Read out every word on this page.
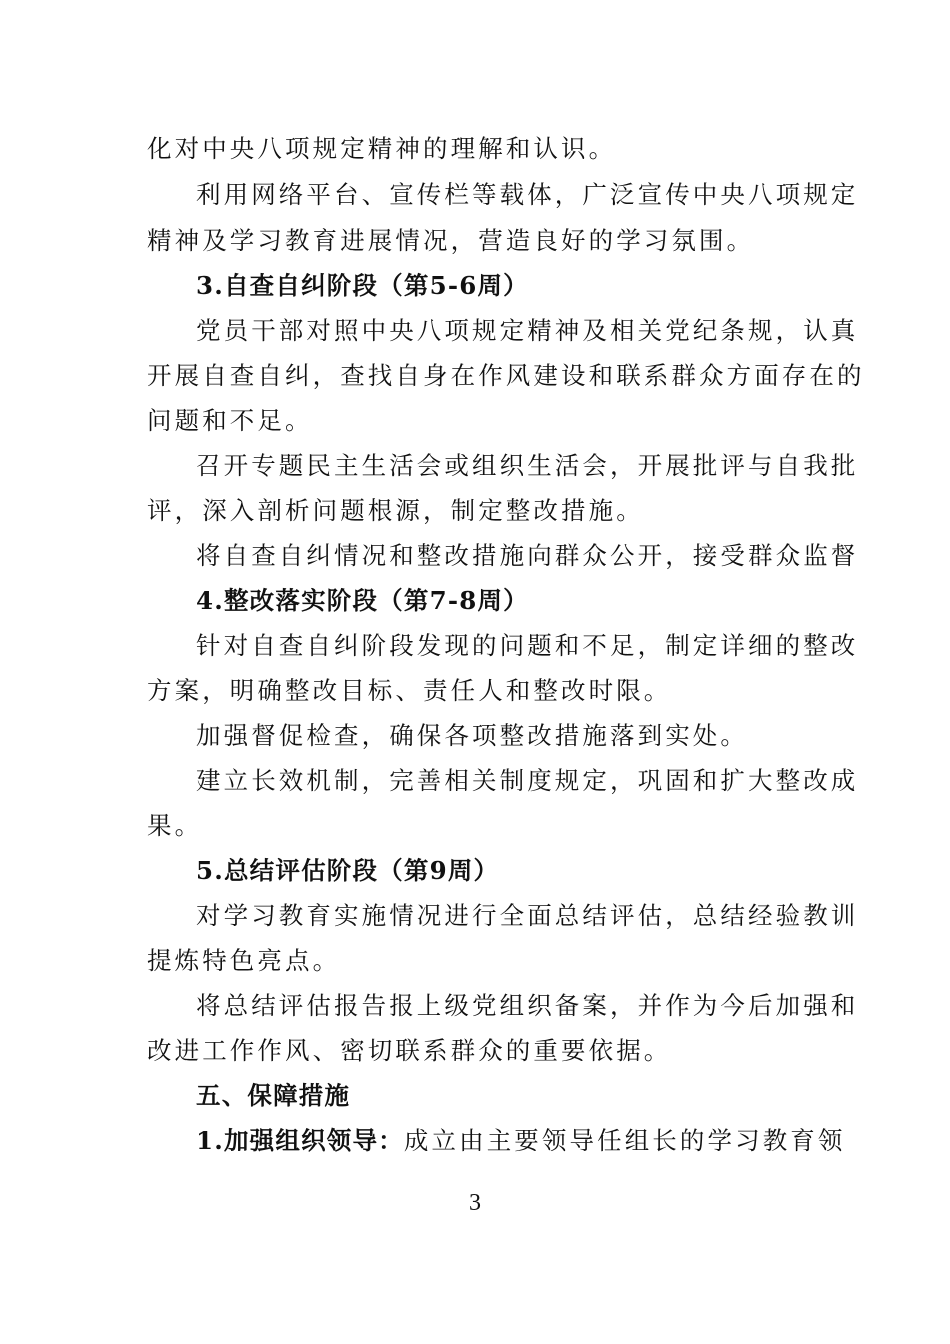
化对中央八项规定精神的理解和认识。
利用网络平台、宣传栏等载体，广泛宣传中央八项规定
精神及学习教育进展情况，营造良好的学习氛围。
3.自查自纠阶段（第5-6周）
党员干部对照中央八项规定精神及相关党纪条规，认真
开展自查自纠，查找自身在作风建设和联系群众方面存在的
问题和不足。
召开专题民主生活会或组织生活会，开展批评与自我批
评，深入剖析问题根源，制定整改措施。
将自查自纠情况和整改措施向群众公开，接受群众监督
4.整改落实阶段（第7-8周）
针对自查自纠阶段发现的问题和不足，制定详细的整改
方案，明确整改目标、责任人和整改时限。
加强督促检查，确保各项整改措施落到实处。
建立长效机制，完善相关制度规定，巩固和扩大整改成
果。
5.总结评估阶段（第9周）
对学习教育实施情况进行全面总结评估，总结经验教训
提炼特色亮点。
将总结评估报告报上级党组织备案，并作为今后加强和
改进工作作风、密切联系群众的重要依据。
五、保障措施
1.加强组织领导：成立由主要领导任组长的学习教育领
3
